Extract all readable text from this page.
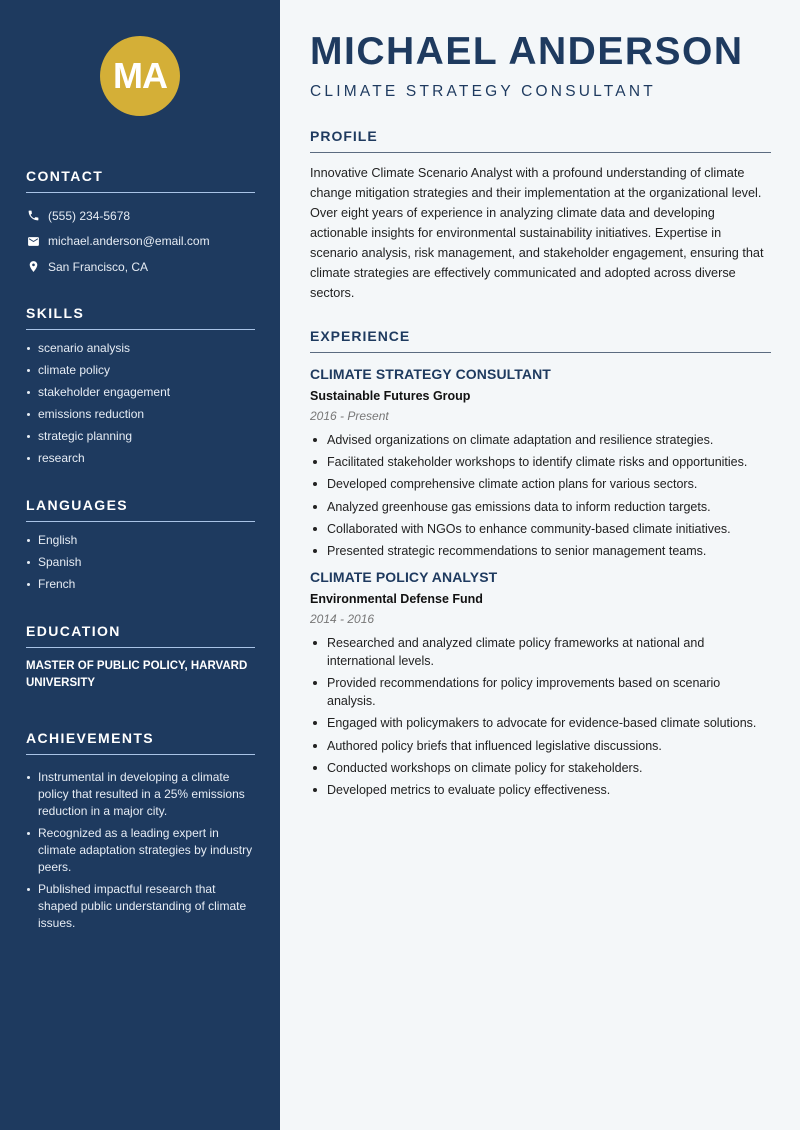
MA
CONTACT
(555) 234-5678
michael.anderson@email.com
San Francisco, CA
SKILLS
scenario analysis
climate policy
stakeholder engagement
emissions reduction
strategic planning
research
LANGUAGES
English
Spanish
French
EDUCATION
MASTER OF PUBLIC POLICY, HARVARD UNIVERSITY
ACHIEVEMENTS
Instrumental in developing a climate policy that resulted in a 25% emissions reduction in a major city.
Recognized as a leading expert in climate adaptation strategies by industry peers.
Published impactful research that shaped public understanding of climate issues.
MICHAEL ANDERSON
CLIMATE STRATEGY CONSULTANT
PROFILE

Innovative Climate Scenario Analyst with a profound understanding of climate change mitigation strategies and their implementation at the organizational level. Over eight years of experience in analyzing climate data and developing actionable insights for environmental sustainability initiatives. Expertise in scenario analysis, risk management, and stakeholder engagement, ensuring that climate strategies are effectively communicated and adopted across diverse sectors.

EXPERIENCE
CLIMATE STRATEGY CONSULTANT
Sustainable Futures Group
2016 - Present
Advised organizations on climate adaptation and resilience strategies.
Facilitated stakeholder workshops to identify climate risks and opportunities.
Developed comprehensive climate action plans for various sectors.
Analyzed greenhouse gas emissions data to inform reduction targets.
Collaborated with NGOs to enhance community-based climate initiatives.
Presented strategic recommendations to senior management teams.
CLIMATE POLICY ANALYST
Environmental Defense Fund
2014 - 2016
Researched and analyzed climate policy frameworks at national and international levels.
Provided recommendations for policy improvements based on scenario analysis.
Engaged with policymakers to advocate for evidence-based climate solutions.
Authored policy briefs that influenced legislative discussions.
Conducted workshops on climate policy for stakeholders.
Developed metrics to evaluate policy effectiveness.
